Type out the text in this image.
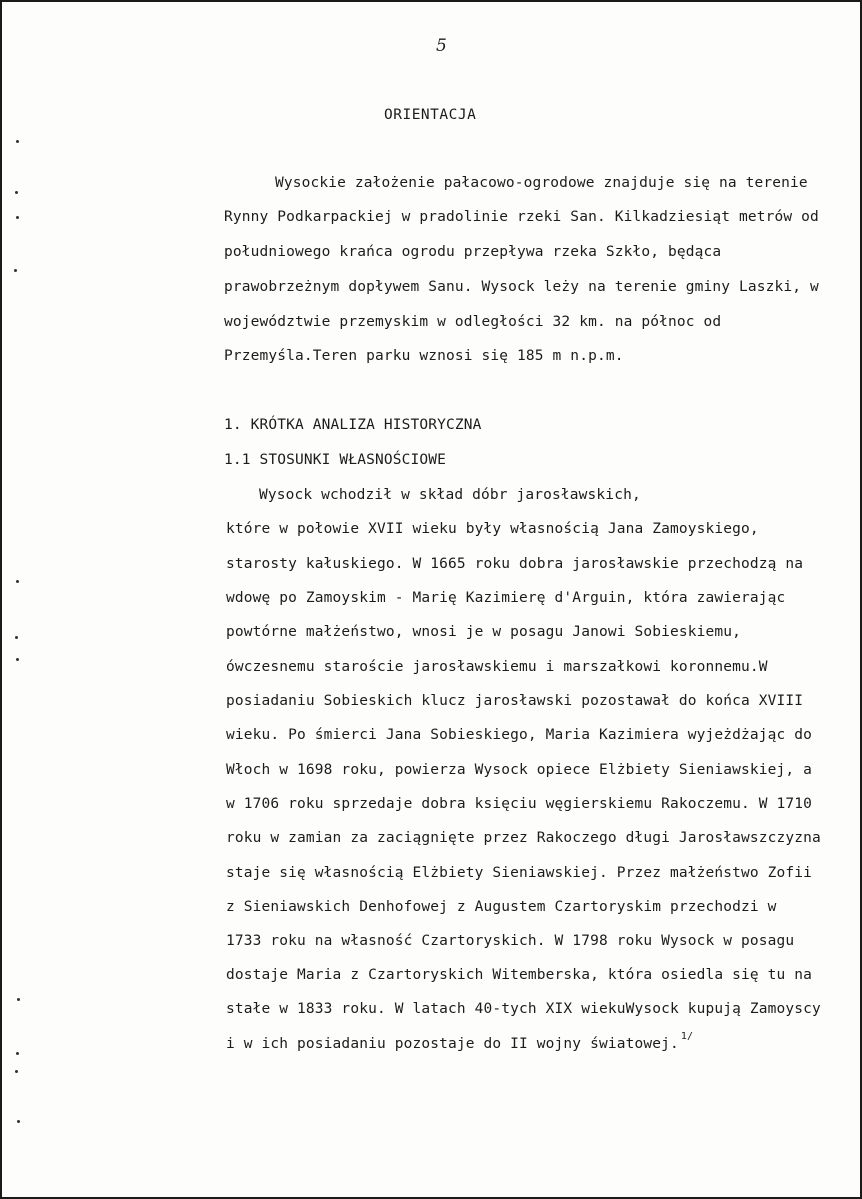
5
ORIENTACJA
Wysockie założenie pałacowo-ogrodowe znajduje się na terenie
Rynny Podkarpackiej w pradolinie rzeki San. Kilkadziesiąt metrów od
południowego krańca ogrodu przepływa rzeka Szkło, będąca
prawobrzeżnym dopływem Sanu. Wysock leży na terenie gminy Laszki, w
województwie przemyskim w odległości 32 km. na północ od
Przemyśla.Teren parku wznosi się 185 m n.p.m.
1. KRÓTKA ANALIZA HISTORYCZNA
1.1 STOSUNKI WŁASNOŚCIOWE
Wysock wchodził w skład dóbr jarosławskich,
które w połowie XVII wieku były własnością Jana Zamoyskiego,
starosty kałuskiego. W 1665 roku dobra jarosławskie przechodzą na
wdowę po Zamoyskim - Marię Kazimierę d'Arguin, która zawierając
powtórne małżeństwo, wnosi je w posagu Janowi Sobieskiemu,
ówczesnemu staroście jarosławskiemu i marszałkowi koronnemu.W
posiadaniu Sobieskich klucz jarosławski pozostawał do końca XVIII
wieku. Po śmierci Jana Sobieskiego, Maria Kazimiera wyjeżdżając do
Włoch w 1698 roku, powierza Wysock opiece Elżbiety Sieniawskiej, a
w 1706 roku sprzedaje dobra księciu węgierskiemu Rakoczemu. W 1710
roku w zamian za zaciągnięte przez Rakoczego długi Jarosławszczyzna
staje się własnością Elżbiety Sieniawskiej. Przez małżeństwo Zofii
z Sieniawskich Denhofowej z Augustem Czartoryskim przechodzi w
1733 roku na własność Czartoryskich. W 1798 roku Wysock w posagu
dostaje Maria z Czartoryskich Witemberska, która osiedla się tu na
stałe w 1833 roku. W latach 40-tych XIX wiekuWysock kupują Zamoyscy
i w ich posiadaniu pozostaje do II wojny światowej. $^{1/}$
